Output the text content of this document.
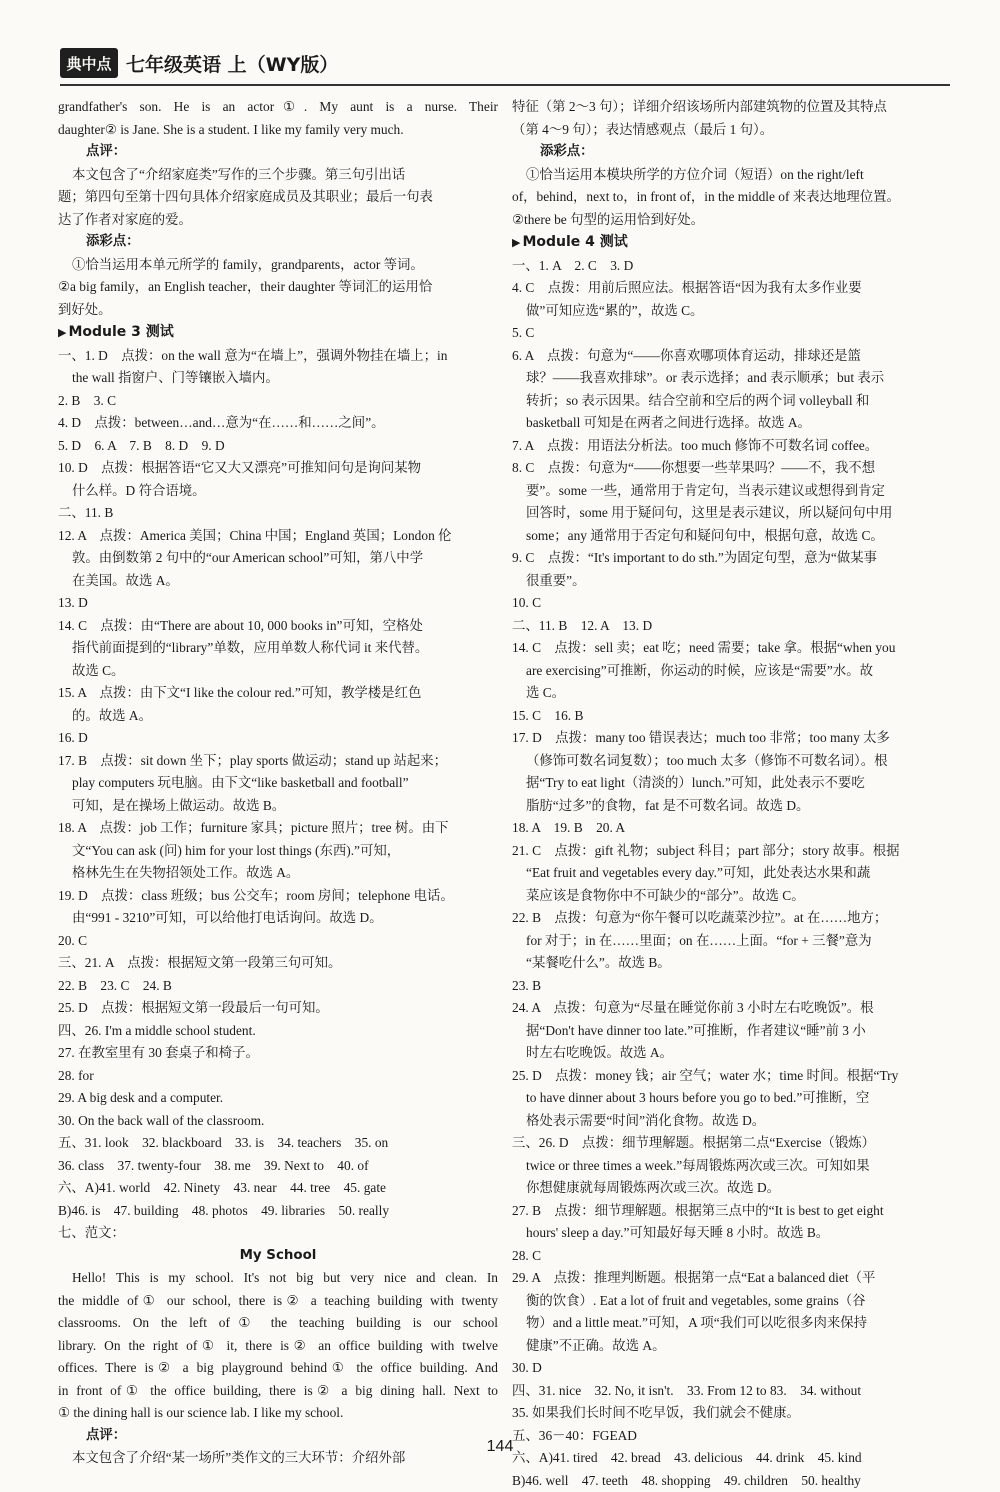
典中点 七年级英语 上（WY版）
grandfather's son. He is an actor①. My aunt is a nurse. Their
daughter② is Jane. She is a student. I like my family very much.
点评：
本文包含了“介绍家庭类”写作的三个步骤。第三句引出话
题；第四句至第十四句具体介绍家庭成员及其职业；最后一句表
达了作者对家庭的爱。
添彩点：
①恰当运用本单元所学的 family，grandparents，actor 等词。
②a big family，an English teacher，their daughter 等词汇的运用恰
到好处。
▶ Module 3 测试
一、1. D　点拨：on the wall 意为“在墙上”，强调外物挂在墙上；in
the wall 指窗户、门等镶嵌入墙内。
2. B　3. C
4. D　点拨：between…and…意为“在……和……之间”。
5. D　6. A　7. B　8. D　9. D
10. D　点拨：根据答语“它又大又漂亮”可推知问句是询问某物
什么样。D 符合语境。
二、11. B
12. A　点拨：America 美国；China 中国；England 英国；London 伦
敦。由倒数第 2 句中的“our American school”可知，第八中学
在美国。故选 A。
13. D
14. C　点拨：由“There are about 10, 000 books in”可知，空格处
指代前面提到的“library”单数，应用单数人称代词 it 来代替。
故选 C。
15. A　点拨：由下文“I like the colour red.”可知，教学楼是红色
的。故选 A。
16. D
17. B　点拨：sit down 坐下；play sports 做运动；stand up 站起来；
play computers 玩电脑。由下文“like basketball and football”
可知，是在操场上做运动。故选 B。
18. A　点拨：job 工作；furniture 家具；picture 照片；tree 树。由下
文“You can ask (问) him for your lost things (东西).”可知，
格林先生在失物招领处工作。故选 A。
19. D　点拨：class 班级；bus 公交车；room 房间；telephone 电话。
由“991 - 3210”可知，可以给他打电话询问。故选 D。
20. C
三、21. A　点拨：根据短文第一段第三句可知。
22. B　23. C　24. B
25. D　点拨：根据短文第一段最后一句可知。
四、26. I'm a middle school student.
27. 在教室里有 30 套桌子和椅子。
28. for
29. A big desk and a computer.
30. On the back wall of the classroom.
五、31. look　32. blackboard　33. is　34. teachers　35. on
36. class　37. twenty-four　38. me　39. Next to　40. of
六、A)41. world　42. Ninety　43. near　44. tree　45. gate
B)46. is　47. building　48. photos　49. libraries　50. really
七、范文：
My School
Hello! This is my school. It's not big but very nice and clean. In
the middle of① our school, there is② a teaching building with twenty
classrooms. On the left of① the teaching building is our school
library. On the right of① it, there is② an office building with twelve
offices. There is② a big playground behind① the office building. And
in front of① the office building, there is② a big dining hall. Next to
① the dining hall is our science lab. I like my school.
点评：
本文包含了介绍“某一场所”类作文的三大环节：介绍外部
特征（第 2～3 句）；详细介绍该场所内部建筑物的位置及其特点
（第 4～9 句）；表达情感观点（最后 1 句）。
添彩点：
①恰当运用本模块所学的方位介词（短语）on the right/left
of，behind，next to，in front of，in the middle of 来表达地理位置。
②there be 句型的运用恰到好处。
▶ Module 4 测试
一、1. A　2. C　3. D
4. C　点拨：用前后照应法。根据答语“因为我有太多作业要
做”可知应选“累的”，故选 C。
5. C
6. A　点拨：句意为“——你喜欢哪项体育运动，排球还是篮
球？——我喜欢排球”。or 表示选择；and 表示顺承；but 表示
转折；so 表示因果。结合空前和空后的两个词 volleyball 和
basketball 可知是在两者之间进行选择。故选 A。
7. A　点拨：用语法分析法。too much 修饰不可数名词 coffee。
8. C　点拨：句意为“——你想要一些苹果吗？——不，我不想
要”。some 一些，通常用于肯定句，当表示建议或想得到肯定
回答时，some 用于疑问句，这里是表示建议，所以疑问句中用
some；any 通常用于否定句和疑问句中，根据句意，故选 C。
9. C　点拨：“It's important to do sth.”为固定句型，意为“做某事
很重要”。
10. C
二、11. B　12. A　13. D
14. C　点拨：sell 卖；eat 吃；need 需要；take 拿。根据“when you
are exercising”可推断，你运动的时候，应该是“需要”水。故
选 C。
15. C　16. B
17. D　点拨：many too 错误表达；much too 非常；too many 太多
（修饰可数名词复数）；too much 太多（修饰不可数名词）。根
据“Try to eat light（清淡的）lunch.”可知，此处表示不要吃
脂肪“过多”的食物，fat 是不可数名词。故选 D。
18. A　19. B　20. A
21. C　点拨：gift 礼物；subject 科目；part 部分；story 故事。根据
“Eat fruit and vegetables every day.”可知，此处表达水果和蔬
菜应该是食物你中不可缺少的“部分”。故选 C。
22. B　点拨：句意为“你午餐可以吃蔬菜沙拉”。at 在……地方；
for 对于；in 在……里面；on 在……上面。“for + 三餐”意为
“某餐吃什么”。故选 B。
23. B
24. A　点拨：句意为“尽量在睡觉你前 3 小时左右吃晚饭”。根
据“Don't have dinner too late.”可推断，作者建议“睡”前 3 小
时左右吃晚饭。故选 A。
25. D　点拨：money 钱；air 空气；water 水；time 时间。根据“Try
to have dinner about 3 hours before you go to bed.”可推断，空
格处表示需要“时间”消化食物。故选 D。
三、26. D　点拨：细节理解题。根据第二点“Exercise（锻炼）
twice or three times a week.”每周锻炼两次或三次。可知如果
你想健康就每周锻炼两次或三次。故选 D。
27. B　点拨：细节理解题。根据第三点中的“It is best to get eight
hours' sleep a day.”可知最好每天睡 8 小时。故选 B。
28. C
29. A　点拨：推理判断题。根据第一点“Eat a balanced diet（平
衡的饮食）. Eat a lot of fruit and vegetables, some grains（谷
物）and a little meat.”可知，A 项“我们可以吃很多肉来保持
健康”不正确。故选 A。
30. D
四、31. nice　32. No, it isn't.　33. From 12 to 83.　34. without
35. 如果我们长时间不吃早饭，我们就会不健康。
五、36－40：FGEAD
六、A)41. tired　42. bread　43. delicious　44. drink　45. kind
B)46. well　47. teeth　48. shopping　49. children　50. healthy
144
